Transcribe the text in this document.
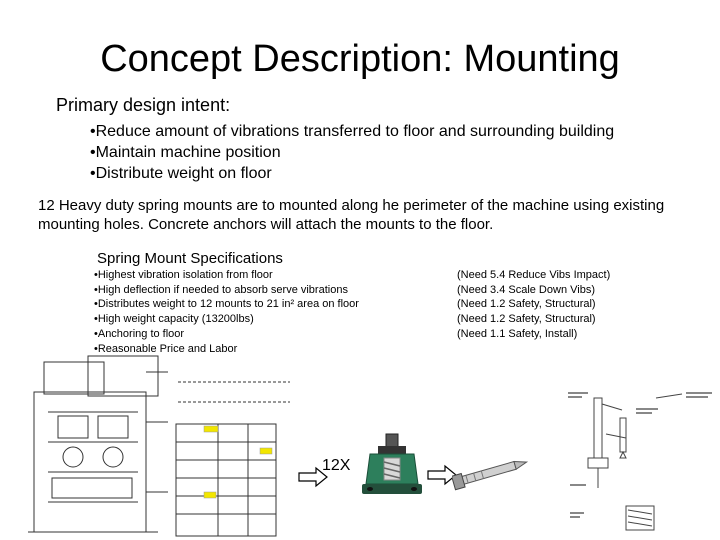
Concept Description: Mounting
Primary design intent:
•Reduce amount of vibrations transferred to floor and surrounding building
•Maintain machine position
•Distribute weight on floor
12 Heavy duty spring mounts are to mounted along he perimeter of the machine using existing mounting holes. Concrete anchors will attach the mounts to the floor.
Spring Mount Specifications
•Highest vibration isolation from floor
•High deflection if needed to absorb serve vibrations
•Distributes weight to 12 mounts to 21 in² area on floor
•High weight capacity (13200lbs)
•Anchoring to floor
•Reasonable Price and Labor
(Need 5.4 Reduce Vibs Impact)
(Need 3.4 Scale Down Vibs)
(Need 1.2 Safety, Structural)
(Need 1.2 Safety, Structural)
(Need 1.1 Safety, Install)
12X
